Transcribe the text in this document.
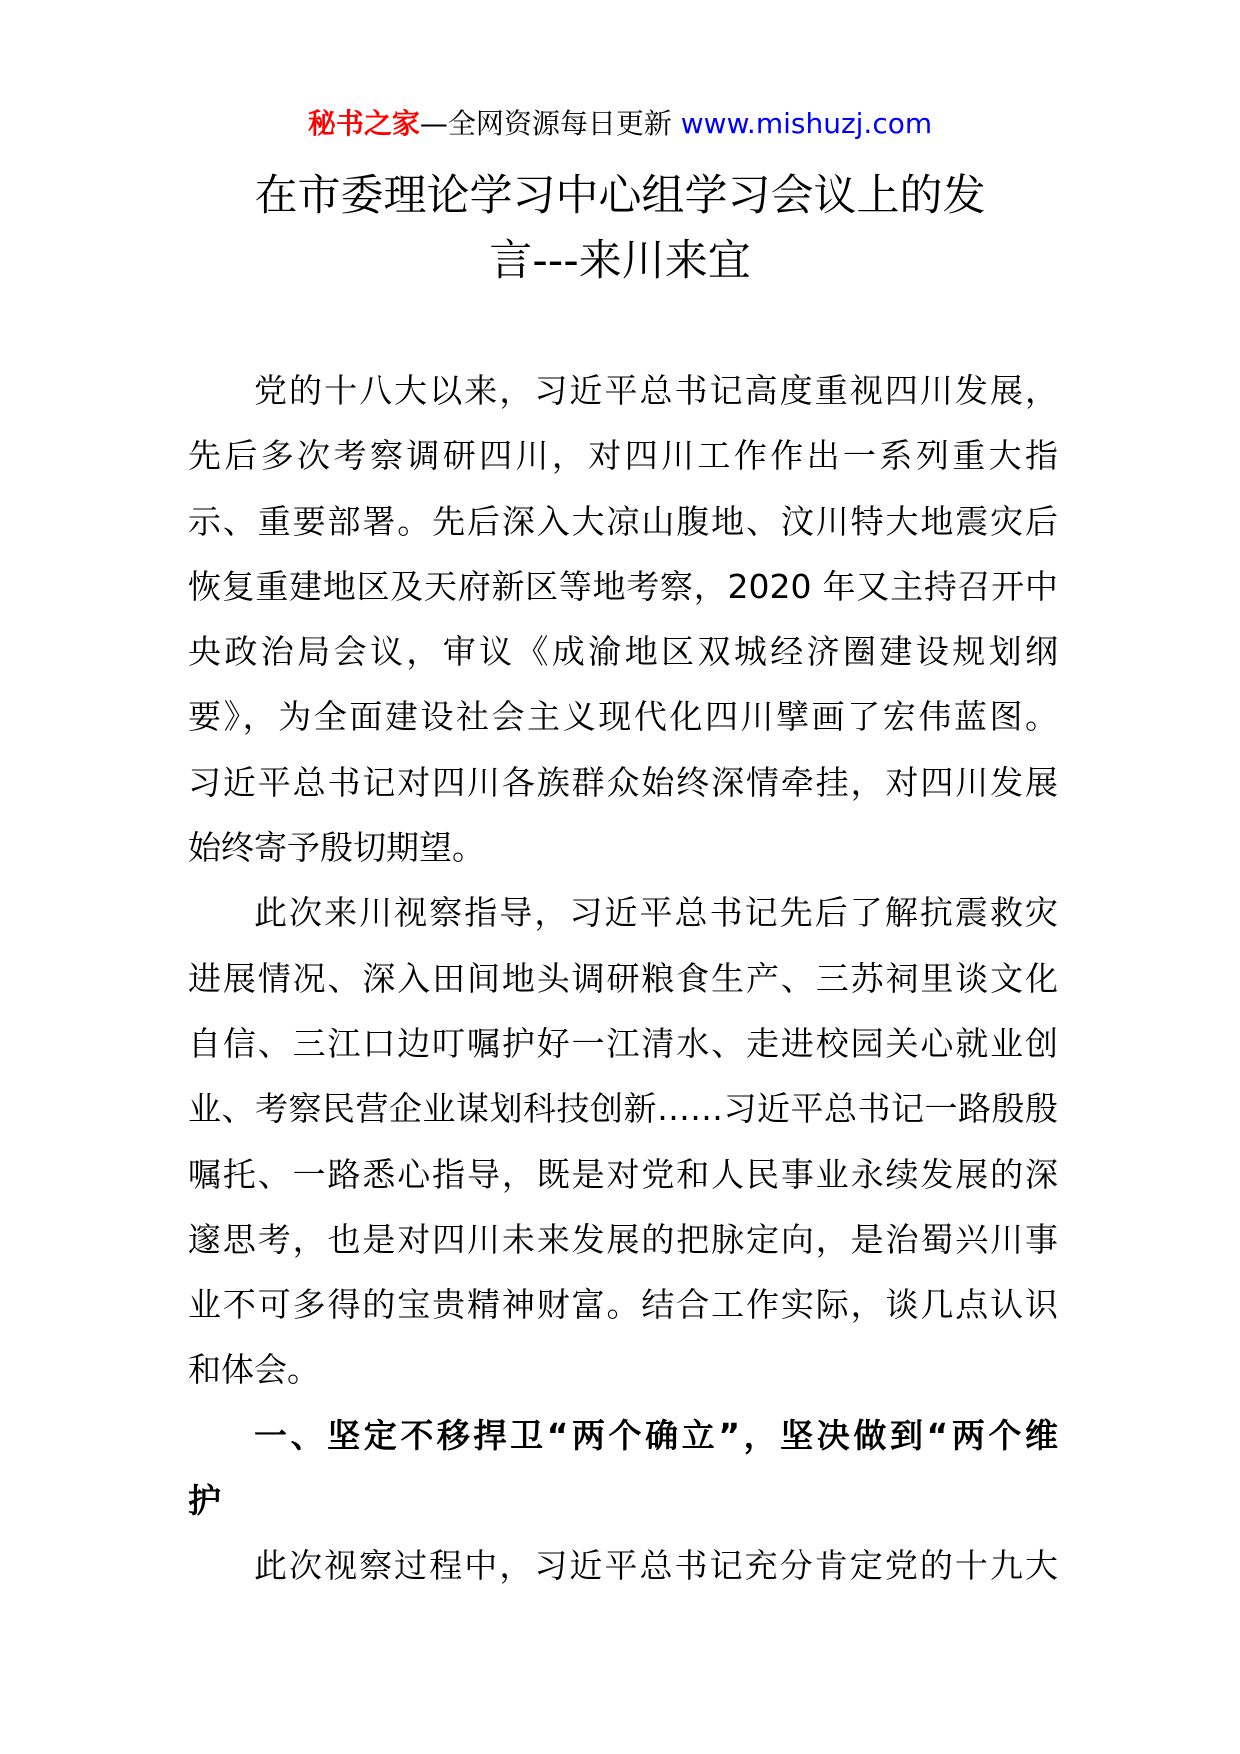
秘书之家—全网资源每日更新 www.mishuzj.com
在市委理论学习中心组学习会议上的发
言---来川来宜
党的十八大以来，习近平总书记高度重视四川发展，
先后多次考察调研四川，对四川工作作出一系列重大指
示、重要部署。先后深入大凉山腹地、汶川特大地震灾后
恢复重建地区及天府新区等地考察，2020 年又主持召开中
央政治局会议，审议《成渝地区双城经济圈建设规划纲
要》，为全面建设社会主义现代化四川擘画了宏伟蓝图。
习近平总书记对四川各族群众始终深情牵挂，对四川发展
始终寄予殷切期望。
此次来川视察指导，习近平总书记先后了解抗震救灾
进展情况、深入田间地头调研粮食生产、三苏祠里谈文化
自信、三江口边叮嘱护好一江清水、走进校园关心就业创
业、考察民营企业谋划科技创新……习近平总书记一路殷殷
嘱托、一路悉心指导，既是对党和人民事业永续发展的深
邃思考，也是对四川未来发展的把脉定向，是治蜀兴川事
业不可多得的宝贵精神财富。结合工作实际，谈几点认识
和体会。
一、坚定不移捍卫“两个确立”，坚决做到“两个维
护
此次视察过程中，习近平总书记充分肯定党的十九大
